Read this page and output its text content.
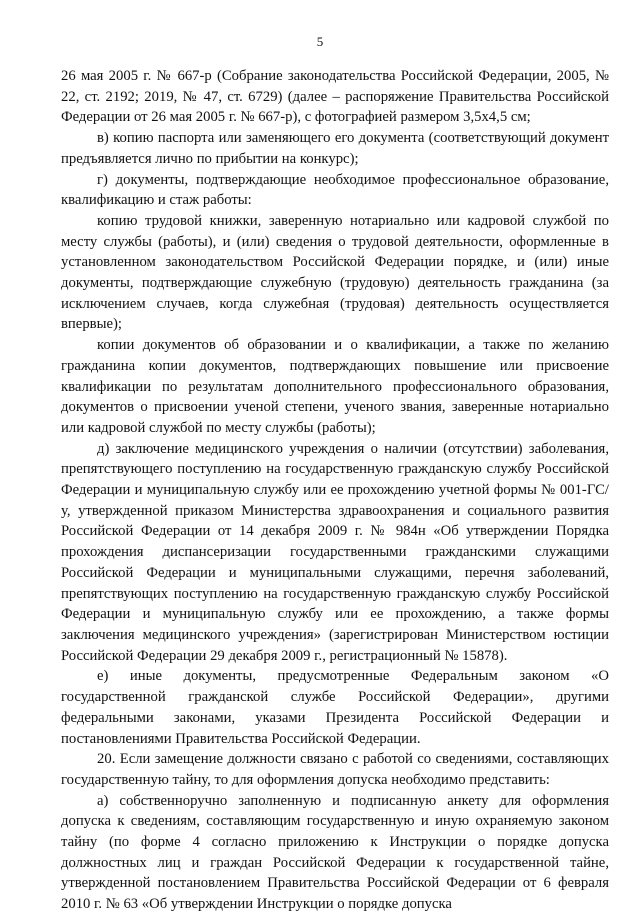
5

26 мая 2005 г. № 667-р (Собрание законодательства Российской Федерации, 2005, № 22, ст. 2192; 2019, № 47, ст. 6729) (далее – распоряжение Правительства Российской Федерации от 26 мая 2005 г. № 667-р), с фотографией размером 3,5х4,5 см;

в) копию паспорта или заменяющего его документа (соответствующий документ предъявляется лично по прибытии на конкурс);

г) документы, подтверждающие необходимое профессиональное образование, квалификацию и стаж работы:

копию трудовой книжки, заверенную нотариально или кадровой службой по месту службы (работы), и (или) сведения о трудовой деятельности, оформленные в установленном законодательством Российской Федерации порядке, и (или) иные документы, подтверждающие служебную (трудовую) деятельность гражданина (за исключением случаев, когда служебная (трудовая) деятельность осуществляется впервые);

копии документов об образовании и о квалификации, а также по желанию гражданина копии документов, подтверждающих повышение или присвоение квалификации по результатам дополнительного профессионального образования, документов о присвоении ученой степени, ученого звания, заверенные нотариально или кадровой службой по месту службы (работы);

д) заключение медицинского учреждения о наличии (отсутствии) заболевания, препятствующего поступлению на государственную гражданскую службу Российской Федерации и муниципальную службу или ее прохождению учетной формы № 001-ГС/у, утвержденной приказом Министерства здравоохранения и социального развития Российской Федерации от 14 декабря 2009 г. № 984н «Об утверждении Порядка прохождения диспансеризации государственными гражданскими служащими Российской Федерации и муниципальными служащими, перечня заболеваний, препятствующих поступлению на государственную гражданскую службу Российской Федерации и муниципальную службу или ее прохождению, а также формы заключения медицинского учреждения» (зарегистрирован Министерством юстиции Российской Федерации 29 декабря 2009 г., регистрационный № 15878).

е) иные документы, предусмотренные Федеральным законом «О государственной гражданской службе Российской Федерации», другими федеральными законами, указами Президента Российской Федерации и постановлениями Правительства Российской Федерации.

20. Если замещение должности связано с работой со сведениями, составляющих государственную тайну, то для оформления допуска необходимо представить:

а) собственноручно заполненную и подписанную анкету для оформления допуска к сведениям, составляющим государственную и иную охраняемую законом тайну (по форме 4 согласно приложению к Инструкции о порядке допуска должностных лиц и граждан Российской Федерации к государственной тайне, утвержденной постановлением Правительства Российской Федерации от 6 февраля 2010 г. № 63 «Об утверждении Инструкции о порядке допуска
